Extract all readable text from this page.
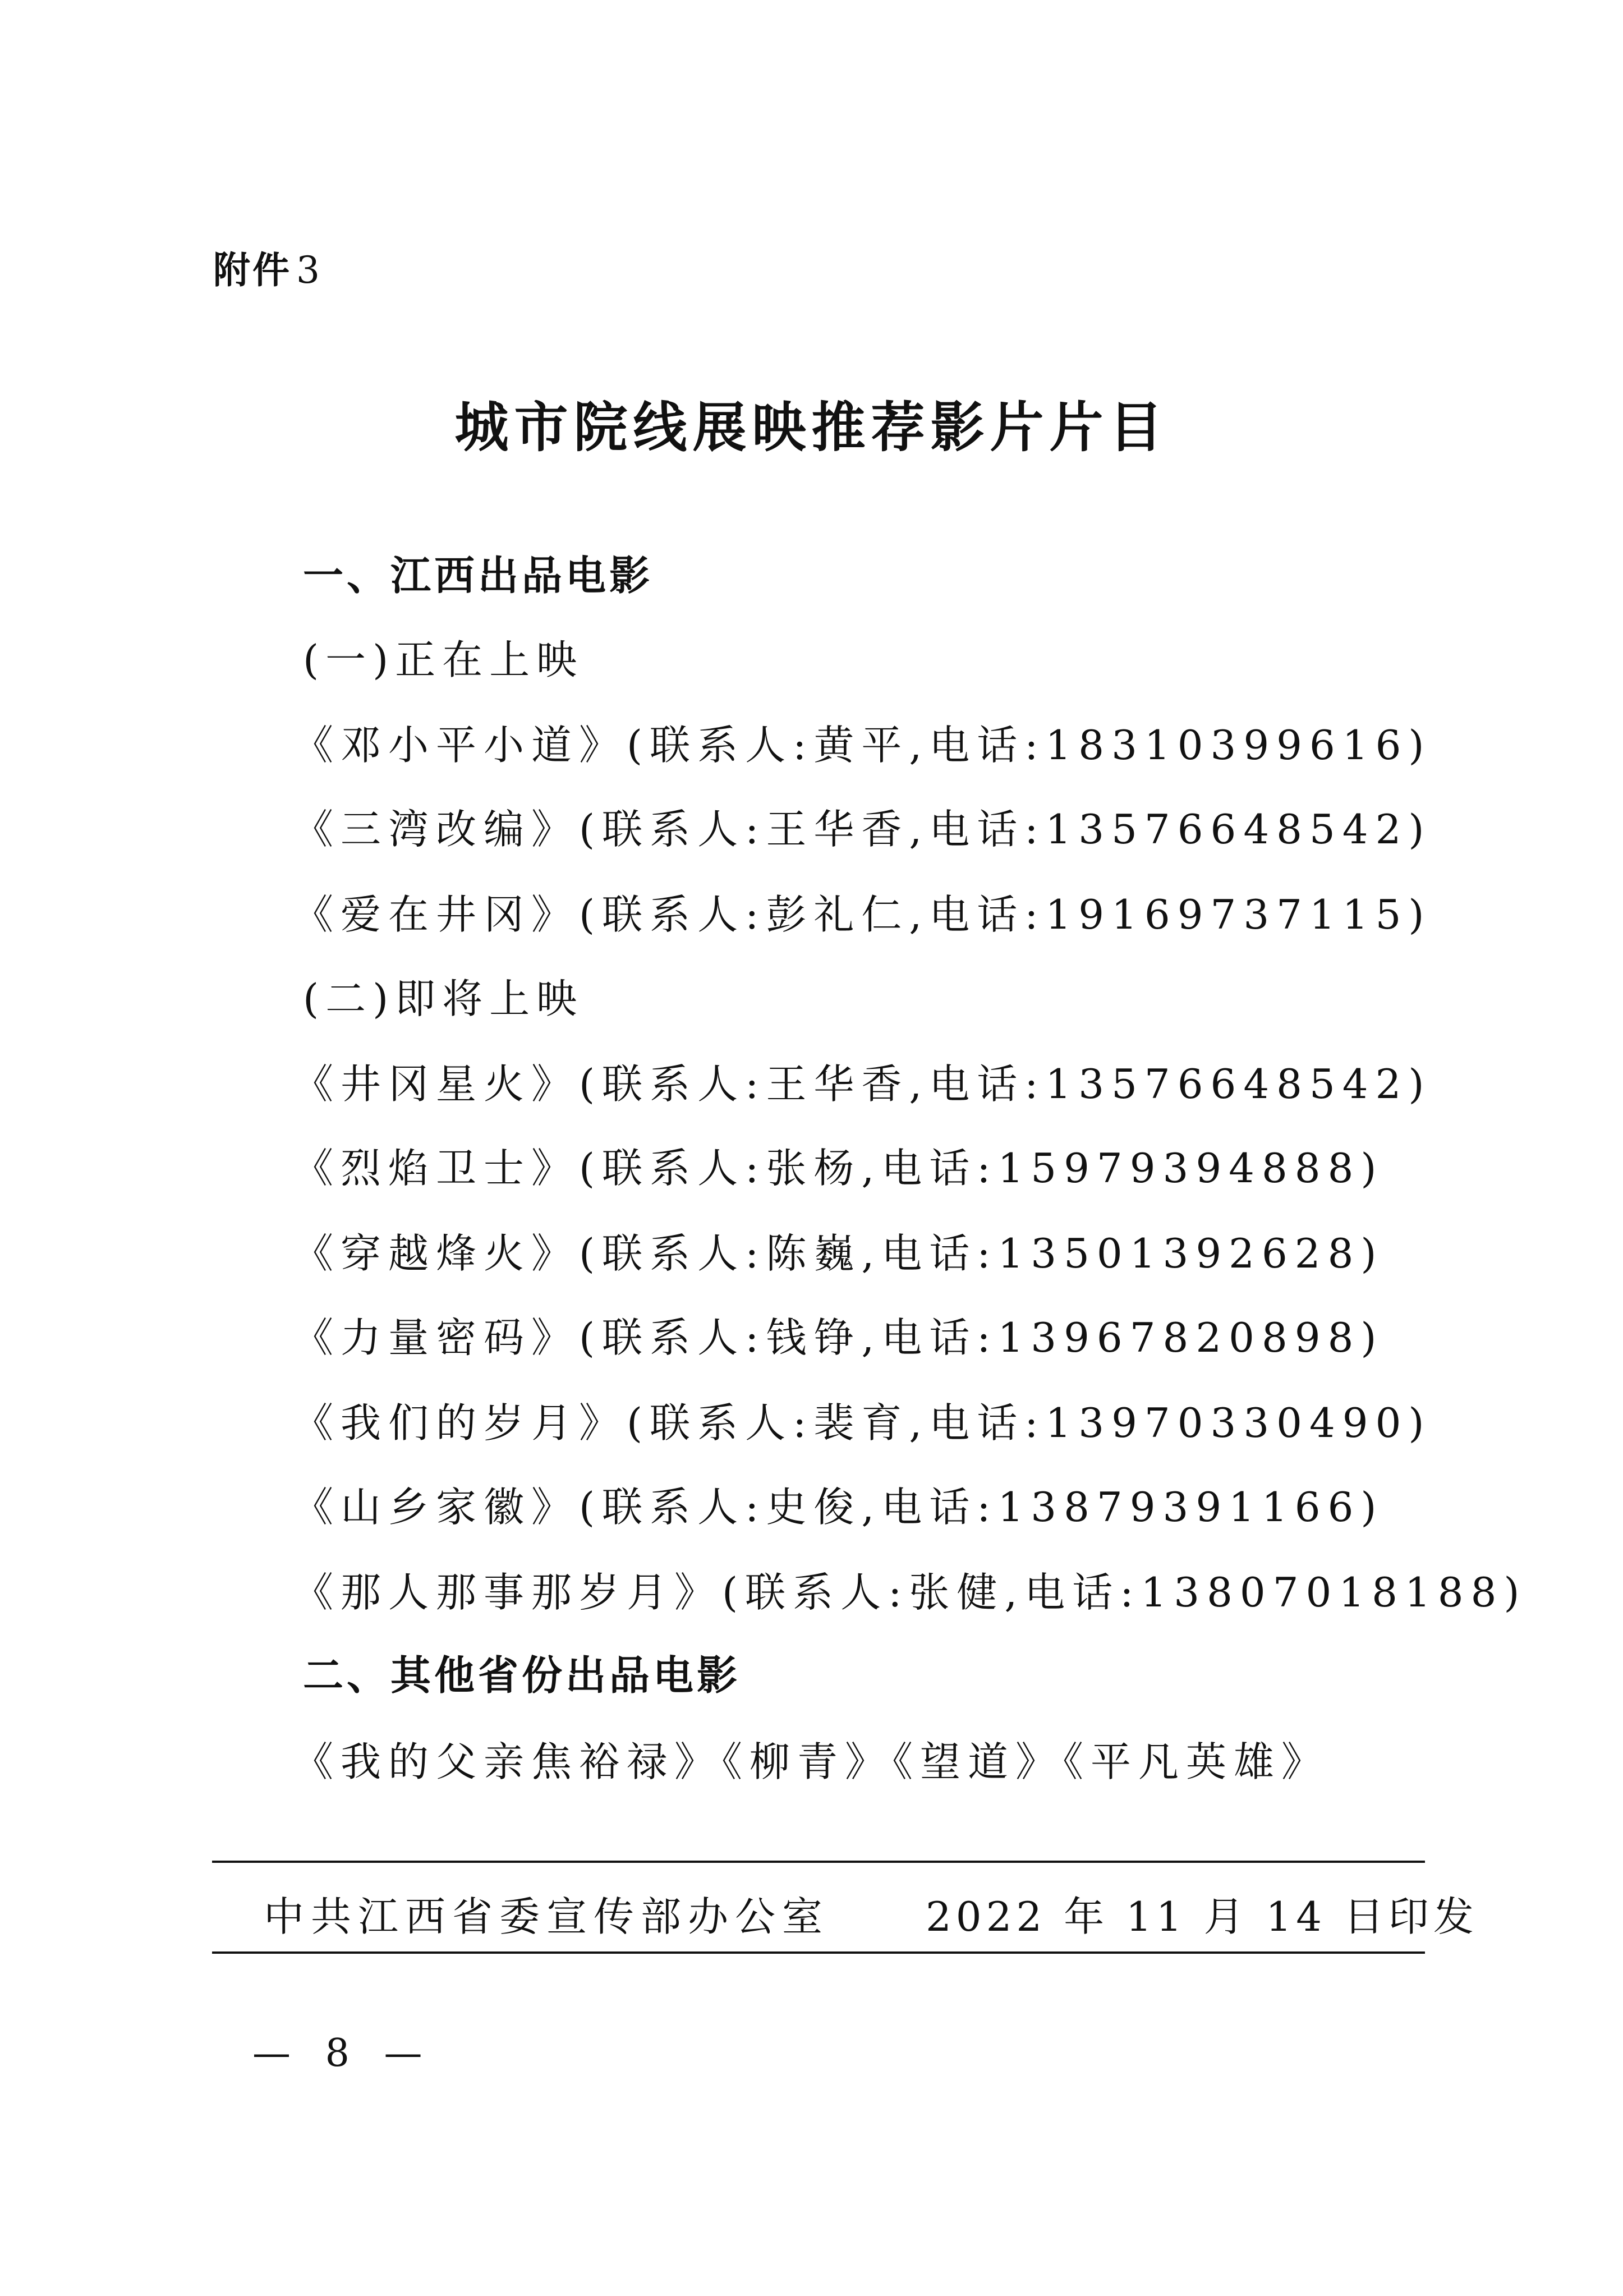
附件 3
城市院线展映推荐影片片目
一、江西出品电影
(一)正在上映
《邓小平小道》(联系人:黄平,电话:18310399616)
《三湾改编》(联系人:王华香,电话:13576648542)
《爱在井冈》(联系人:彭礼仁,电话:19169737115)
(二)即将上映
《井冈星火》(联系人:王华香,电话:13576648542)
《烈焰卫士》(联系人:张杨,电话:15979394888)
《穿越烽火》(联系人:陈巍,电话:13501392628)
《力量密码》(联系人:钱铮,电话:13967820898)
《我们的岁月》(联系人:裴育,电话:13970330490)
《山乡家徽》(联系人:史俊,电话:13879391166)
《那人那事那岁月》(联系人:张健,电话:13807018188)
二、其他省份出品电影
《我的父亲焦裕禄》《柳青》《望道》《平凡英雄》
中共江西省委宣传部办公室 2022 年 11 月 14 日印发
— 8 —
